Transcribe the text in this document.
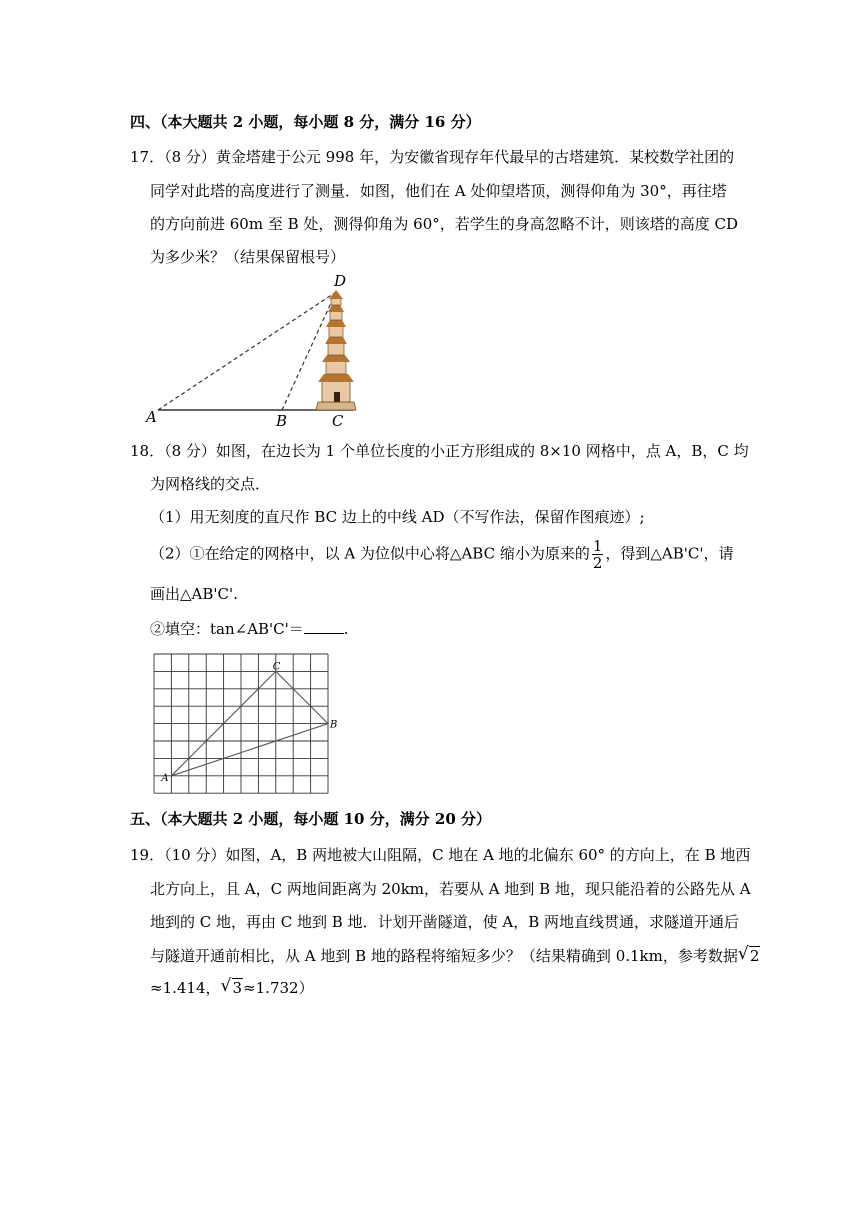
四、（本大题共 2 小题，每小题 8 分，满分 16 分）
17．（8 分）黄金塔建于公元 998 年，为安徽省现存年代最早的古塔建筑．某校数学社团的
同学对此塔的高度进行了测量．如图，他们在 A 处仰望塔顶，测得仰角为 30°，再往塔
的方向前进 60m 至 B 处，测得仰角为 60°，若学生的身高忽略不计，则该塔的高度 CD
为多少米？（结果保留根号）
A	B	C
D
18．（8 分）如图，在边长为 1 个单位长度的小正方形组成的 8×10 网格中，点 A，B，C 均
为网格线的交点．
（1）用无刻度的直尺作 BC 边上的中线 AD（不写作法，保留作图痕迹）;
（2）①在给定的网格中，以 A 为位似中心将△ABC 缩小为原来的 $\frac{1}{2}$ ，得到△AB'C'，请
画出△AB'C'.
②填空：tan∠AB'C'＝	.
C
B
A
五、（本大题共 2 小题，每小题 10 分，满分 20 分）
19．（10 分）如图，A，B 两地被大山阻隔，C 地在 A 地的北偏东 60° 的方向上，在 B 地西
北方向上，且 A，C 两地间距离为 20km，若要从 A 地到 B 地，现只能沿着的公路先从 A
地到的 C 地，再由 C 地到 B 地．计划开凿隧道，使 A，B 两地直线贯通，求隧道开通后
与隧道开通前相比，从 A 地到 B 地的路程将缩短多少？（结果精确到 0.1km，参考数据 √ 2
≈1.414， √ 3≈1.732）
